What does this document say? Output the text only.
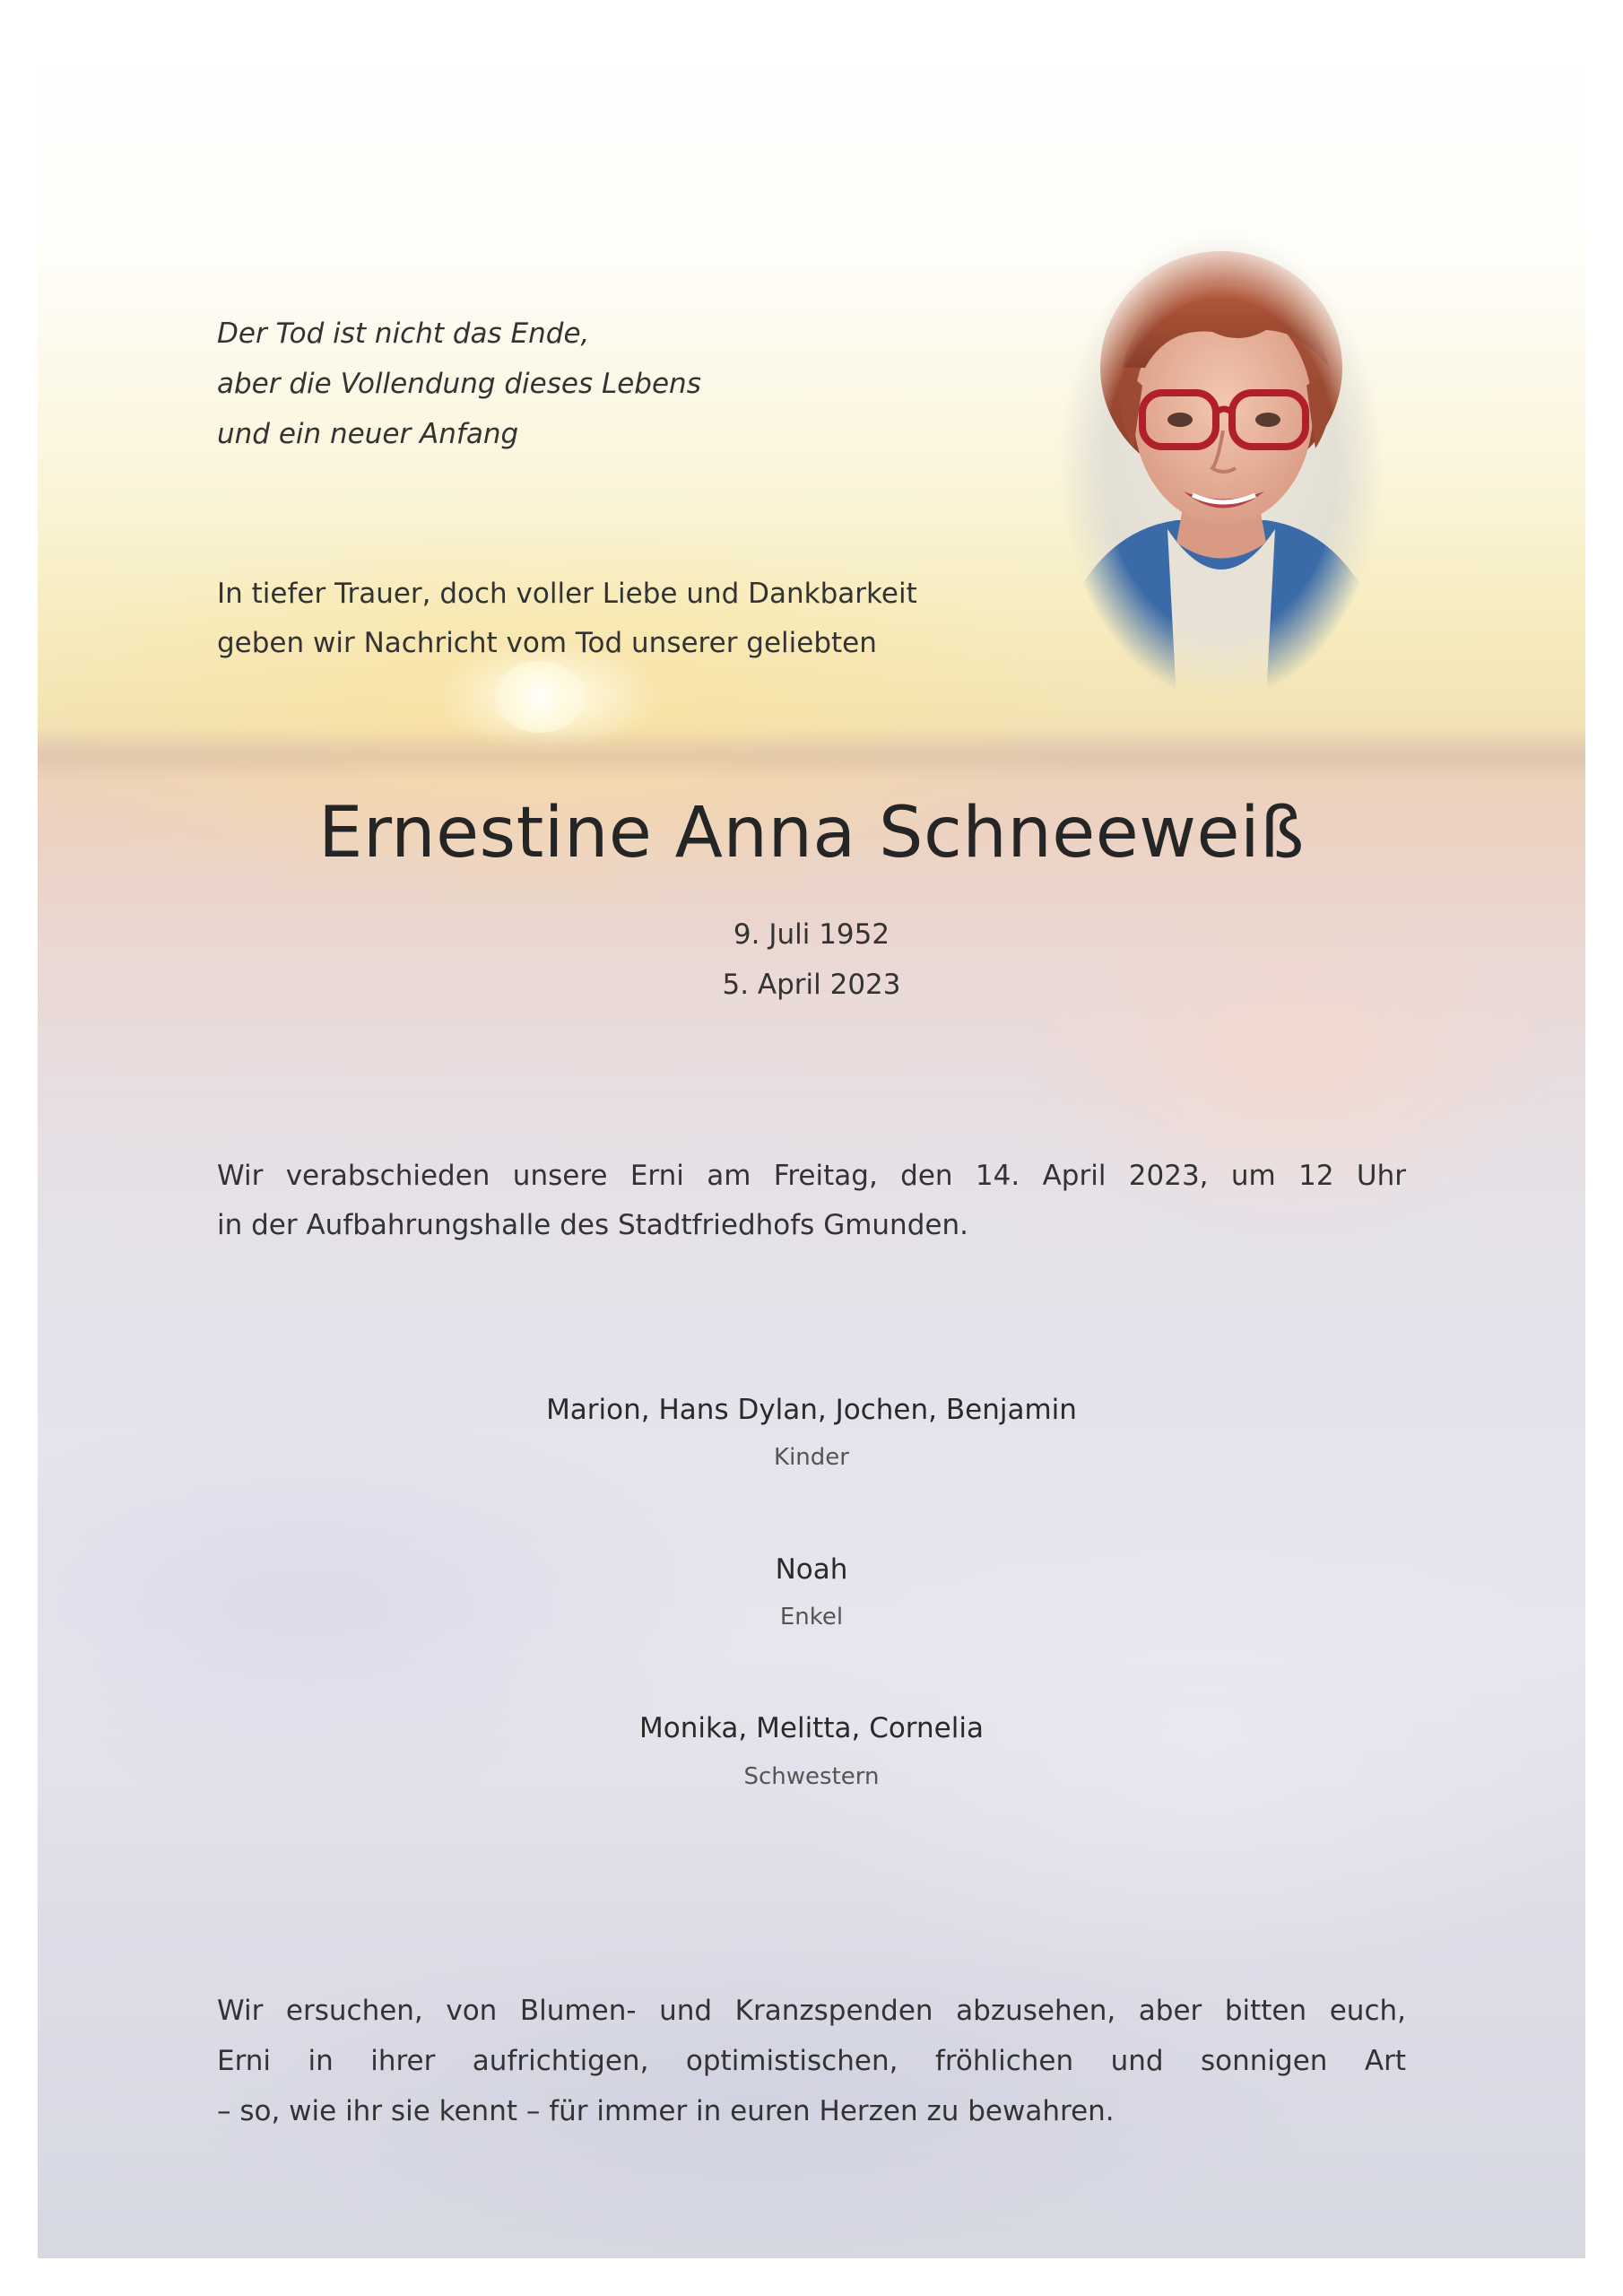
Der Tod ist nicht das Ende,
aber die Vollendung dieses Lebens
und ein neuer Anfang
In tiefer Trauer, doch voller Liebe und Dankbarkeit
geben wir Nachricht vom Tod unserer geliebten
Ernestine Anna Schneeweiß
9. Juli 1952
5. April 2023
Wir verabschieden unsere Erni am Freitag, den 14. April 2023, um 12 Uhr
in der Aufbahrungshalle des Stadtfriedhofs Gmunden.
Marion, Hans Dylan, Jochen, Benjamin
Kinder
Noah
Enkel
Monika, Melitta, Cornelia
Schwestern
Wir ersuchen, von Blumen- und Kranzspenden abzusehen, aber bitten euch,
Erni in ihrer aufrichtigen, optimistischen, fröhlichen und sonnigen Art
– so, wie ihr sie kennt – für immer in euren Herzen zu bewahren.
